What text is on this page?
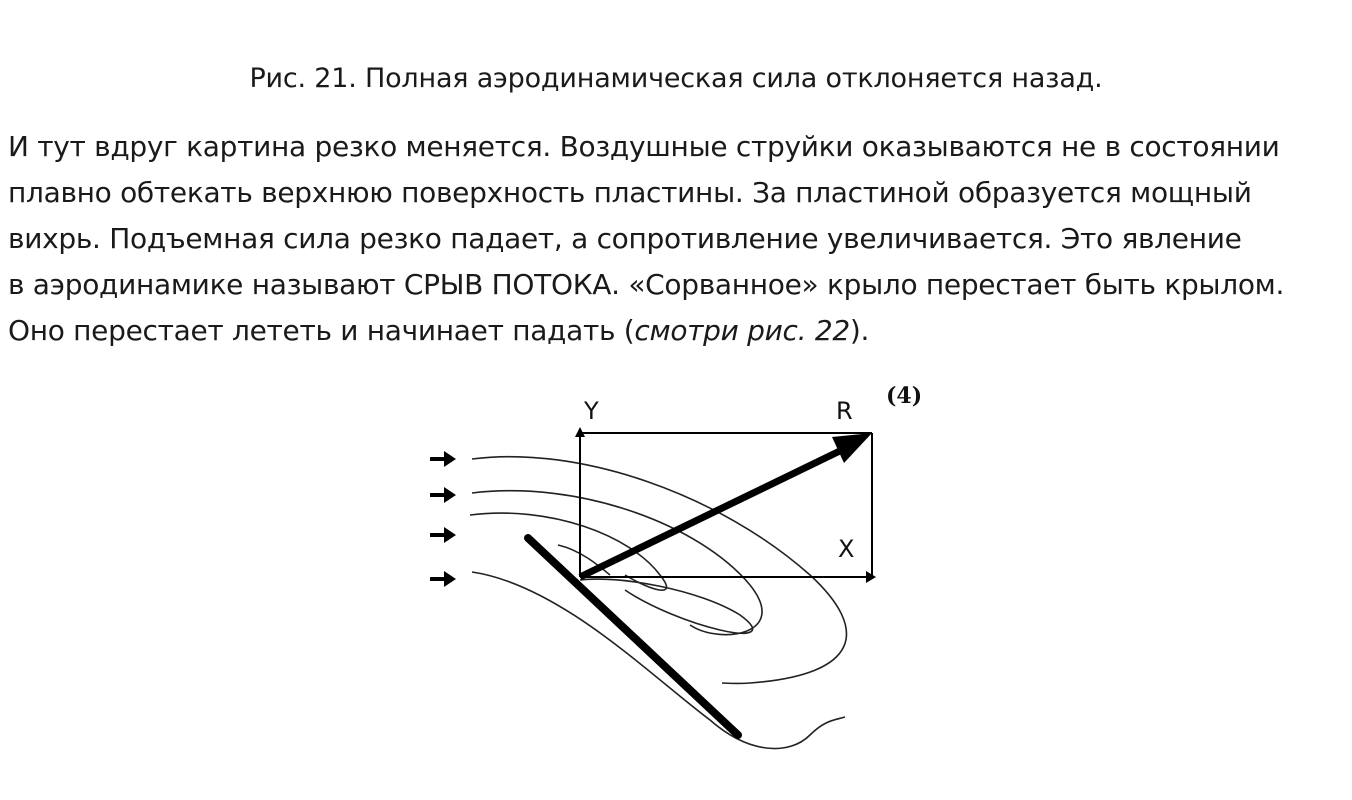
Рис. 21. Полная аэродинамическая сила отклоняется назад.
И тут вдруг картина резко меняется. Воздушные струйки оказываются не в состоянии
плавно обтекать верхнюю поверхность пластины. За пластиной образуется мощный
вихрь. Подъемная сила резко падает, а сопротивление увеличивается. Это явление
в аэродинамике называют СРЫВ ПОТОКА. «Сорванное» крыло перестает быть крылом.
Оно перестает лететь и начинает падать (смотри рис. 22).
Y	R
X
(4)
